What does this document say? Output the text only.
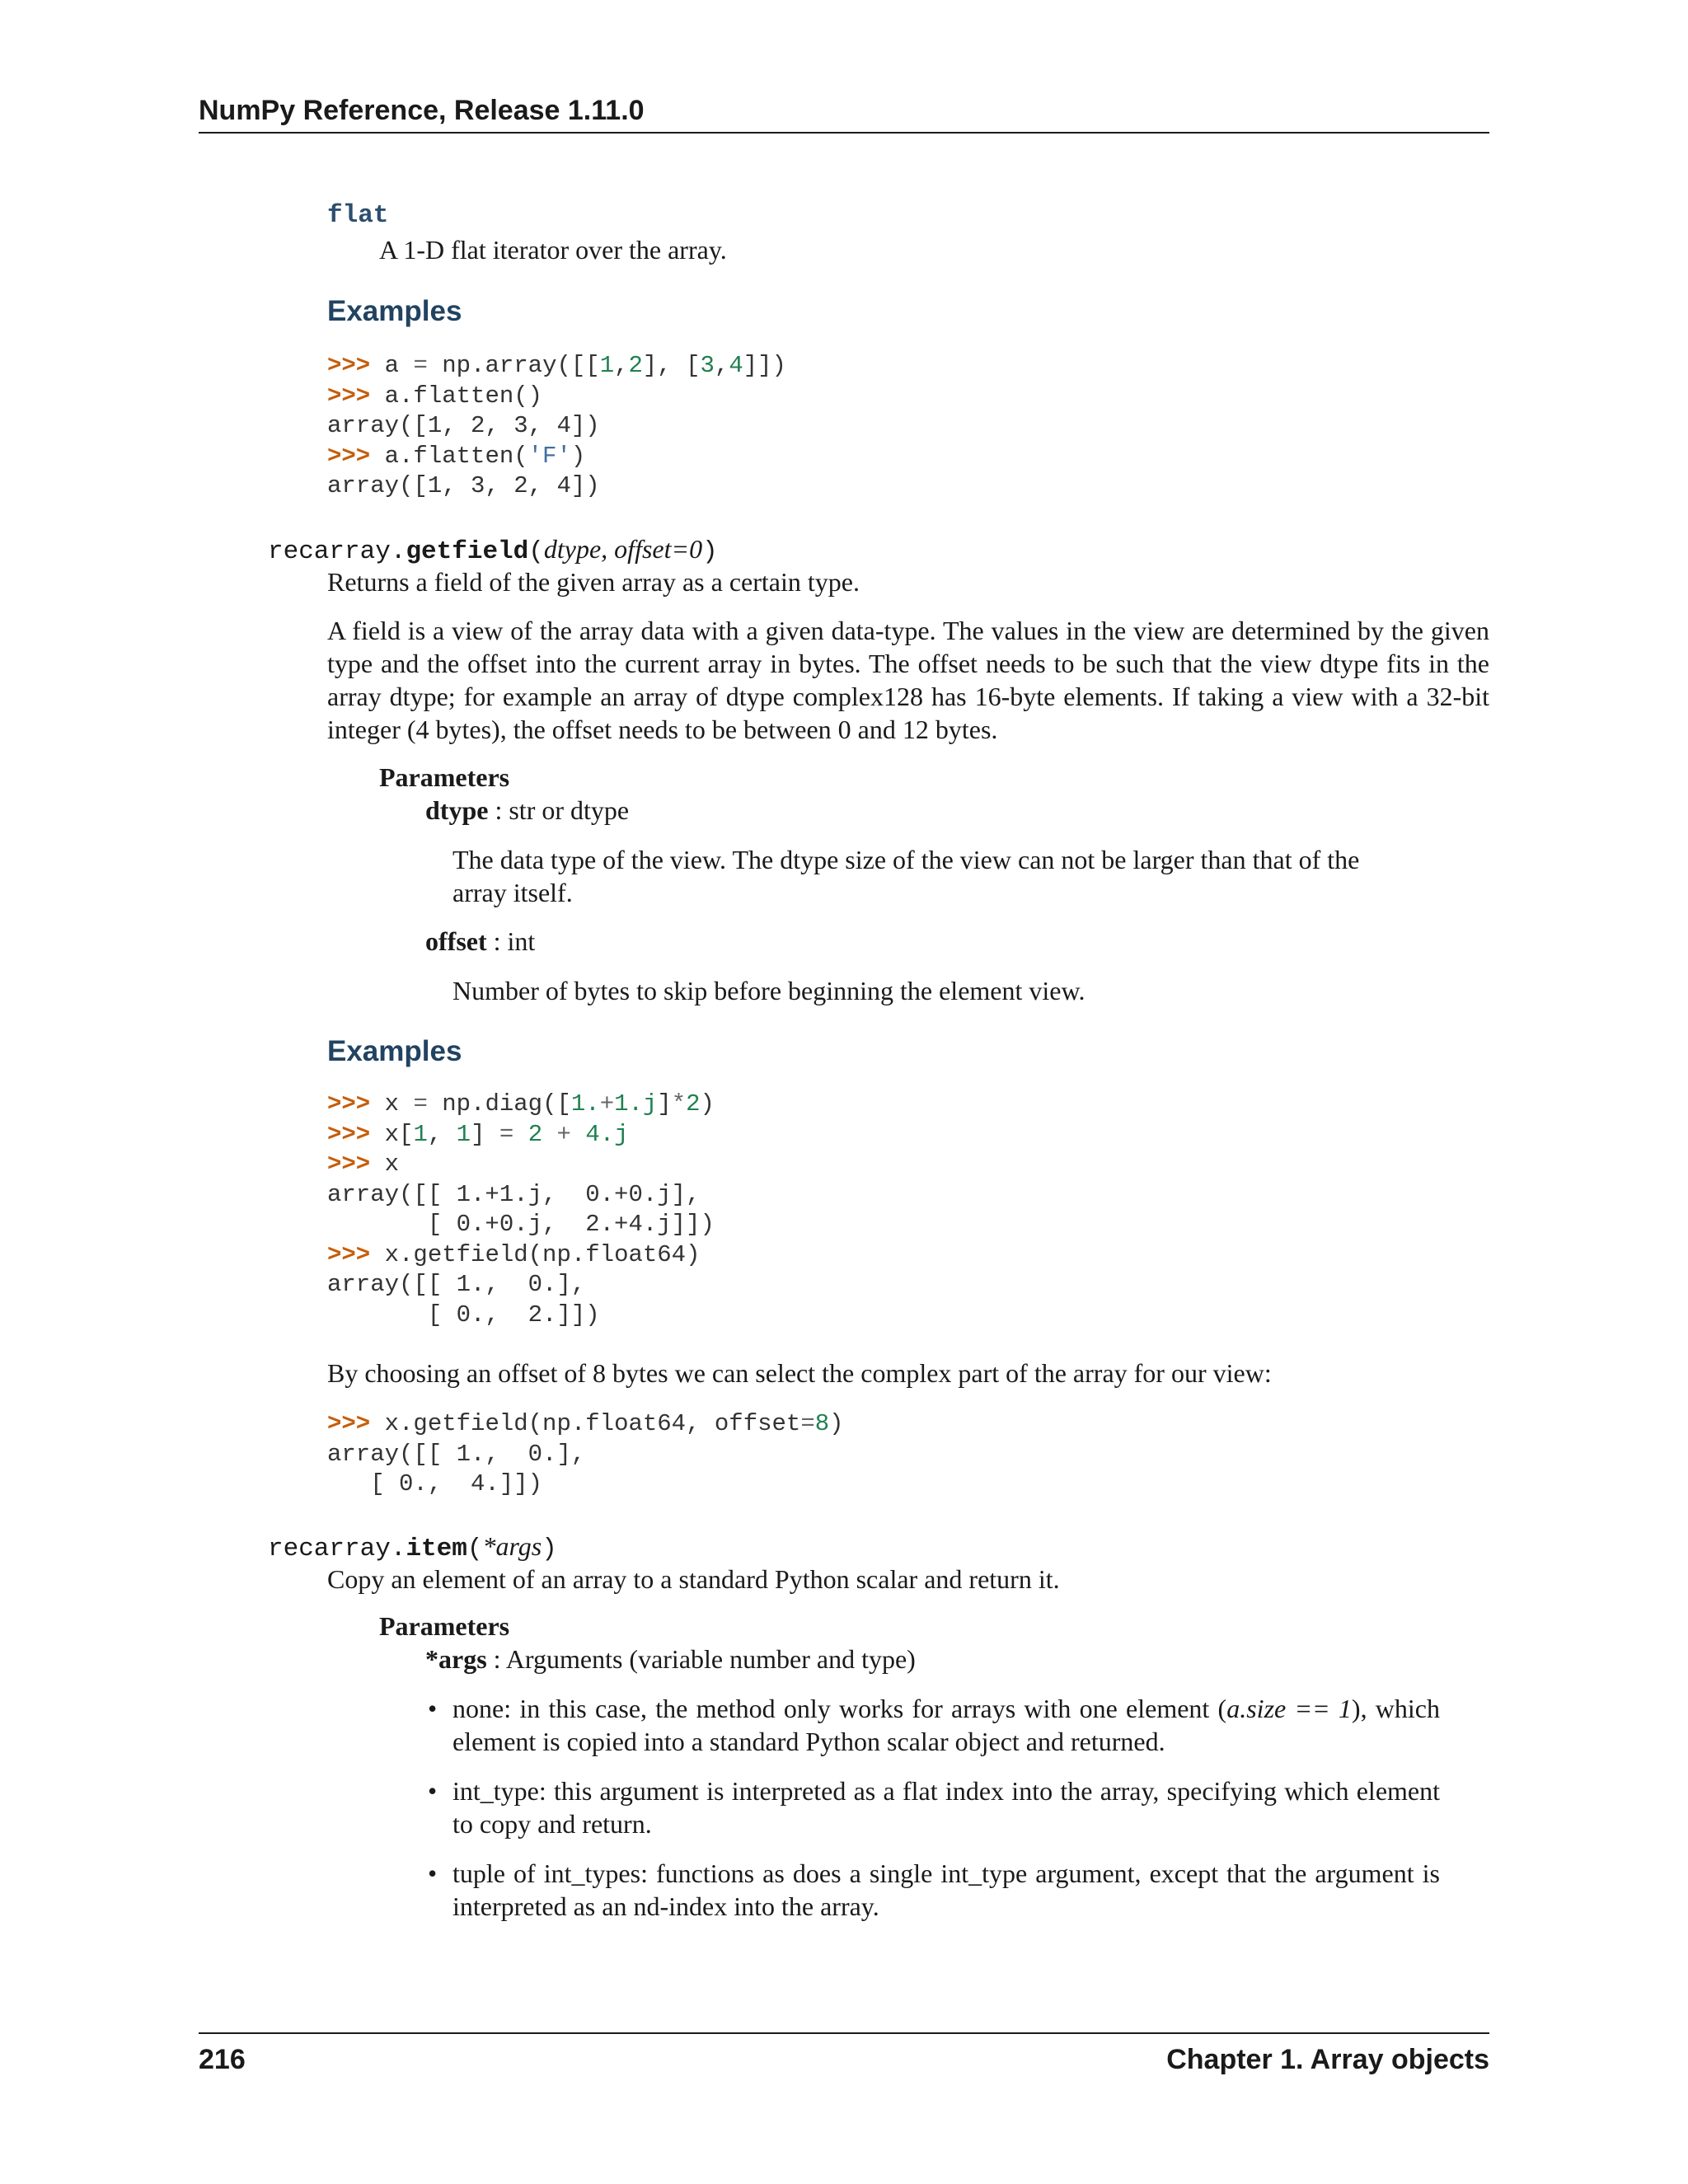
NumPy Reference, Release 1.11.0
flat
A 1-D flat iterator over the array.
Examples
>>> a = np.array([[1,2], [3,4]])
>>> a.flatten()
array([1, 2, 3, 4])
>>> a.flatten('F')
array([1, 3, 2, 4])
recarray.getfield(dtype, offset=0)
Returns a field of the given array as a certain type.
A field is a view of the array data with a given data-type. The values in the view are determined by the given type and the offset into the current array in bytes. The offset needs to be such that the view dtype fits in the array dtype; for example an array of dtype complex128 has 16-byte elements. If taking a view with a 32-bit integer (4 bytes), the offset needs to be between 0 and 12 bytes.
Parameters
dtype : str or dtype
The data type of the view. The dtype size of the view can not be larger than that of the array itself.
offset : int
Number of bytes to skip before beginning the element view.
Examples
>>> x = np.diag([1.+1.j]*2)
>>> x[1, 1] = 2 + 4.j
>>> x
array([[ 1.+1.j,  0.+0.j],
[ 0.+0.j,  2.+4.j]])
>>> x.getfield(np.float64)
array([[ 1.,  0.],
[ 0.,  2.]])
By choosing an offset of 8 bytes we can select the complex part of the array for our view:
>>> x.getfield(np.float64, offset=8)
array([[ 1.,  0.],
[ 0.,  4.]])
recarray.item(*args)
Copy an element of an array to a standard Python scalar and return it.
Parameters
*args : Arguments (variable number and type)
• none: in this case, the method only works for arrays with one element (a.size == 1), which element is copied into a standard Python scalar object and returned.
• int_type: this argument is interpreted as a flat index into the array, specifying which element to copy and return.
• tuple of int_types: functions as does a single int_type argument, except that the argument is interpreted as an nd-index into the array.
216	Chapter 1. Array objects
